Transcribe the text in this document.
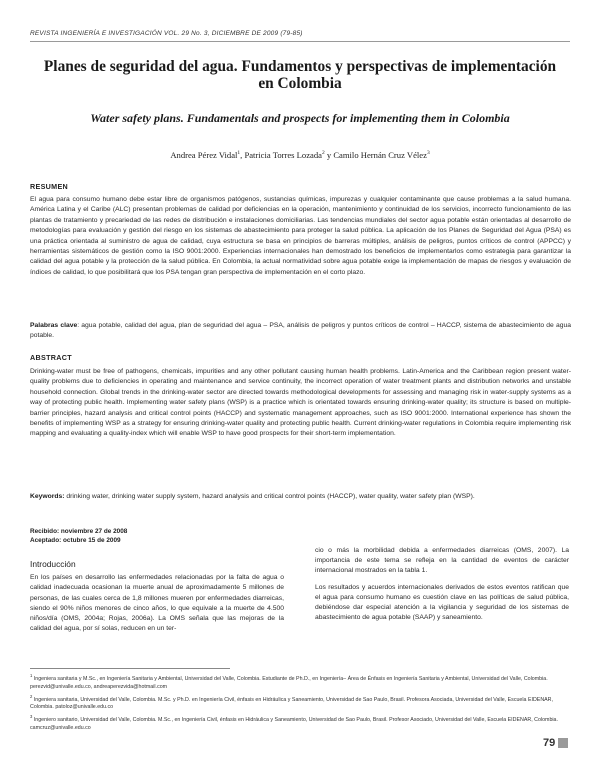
REVISTA INGENIERÍA E INVESTIGACIÓN VOL. 29 No. 3, DICIEMBRE DE 2009 (79-85)
Planes de seguridad del agua. Fundamentos y perspectivas de implementación en Colombia
Water safety plans. Fundamentals and prospects for implementing them in Colombia
Andrea Pérez Vidal$^1$, Patricia Torres Lozada$^2$ y Camilo Hernán Cruz Vélez$^3$
RESUMEN
El agua para consumo humano debe estar libre de organismos patógenos, sustancias químicas, impurezas y cualquier contaminante que cause problemas a la salud humana. América Latina y el Caribe (ALC) presentan problemas de calidad por deficiencias en la operación, mantenimiento y continuidad de los servicios, incorrecto funcionamiento de las plantas de tratamiento y precariedad de las redes de distribución e instalaciones domiciliarias. Las tendencias mundiales del sector agua potable están orientadas al desarrollo de metodologías para evaluación y gestión del riesgo en los sistemas de abastecimiento para proteger la salud pública. La aplicación de los Planes de Seguridad del Agua (PSA) es una práctica orientada al suministro de agua de calidad, cuya estructura se basa en principios de barreras múltiples, análisis de peligros, puntos críticos de control (APPCC) y herramientas sistemáticos de gestión como la ISO 9001:2000. Experiencias internacionales han demostrado los beneficios de implementarlos como estrategia para garantizar la calidad del agua potable y la protección de la salud pública. En Colombia, la actual normatividad sobre agua potable exige la implementación de mapas de riesgos y evaluación de índices de calidad, lo que posibilitará que los PSA tengan gran perspectiva de implementación en el corto plazo.
Palabras clave: agua potable, calidad del agua, plan de seguridad del agua – PSA, análisis de peligros y puntos críticos de control – HACCP, sistema de abastecimiento de agua potable.
ABSTRACT
Drinking-water must be free of pathogens, chemicals, impurities and any other pollutant causing human health problems. Latin-America and the Caribbean region present water-quality problems due to deficiencies in operating and maintenance and service continuity, the incorrect operation of water treatment plants and distribution networks and unstable household connection. Global trends in the drinking-water sector are directed towards methodological developments for assessing and managing risk in water-supply systems as a way of protecting public health. Implementing water safety plans (WSP) is a practice which is orientated towards ensuring drinking-water quality; its structure is based on multiple-barrier principles, hazard analysis and critical control points (HACCP) and systematic management approaches, such as ISO 9001:2000. International experience has shown the benefits of implementing WSP as a strategy for ensuring drinking-water quality and protecting public health. Current drinking-water regulations in Colombia require implementing risk mapping and evaluating a quality-index which will enable WSP to have good prospects for their short-term implementation.
Keywords: drinking water, drinking water supply system, hazard analysis and critical control points (HACCP), water quality, water safety plan (WSP).
Recibido: noviembre 27 de 2008
Aceptado: octubre 15 de 2009
Introducción

En los países en desarrollo las enfermedades relacionadas por la falta de agua o calidad inadecuada ocasionan la muerte anual de aproximadamente 5 millones de personas, de las cuales cerca de 1,8 millones mueren por enfermedades diarreicas, siendo el 90% niños menores de cinco años, lo que equivale a la muerte de 4.500 niños/día (OMS, 2004a; Rojas, 2006a). La OMS señala que las mejoras de la calidad del agua, por sí solas, reducen en un ter-

cio o más la morbilidad debida a enfermedades diarreicas (OMS, 2007). La importancia de este tema se refleja en la cantidad de eventos de carácter internacional mostrados en la tabla 1.

Los resultados y acuerdos internacionales derivados de estos eventos ratifican que el agua para consumo humano es cuestión clave en las políticas de salud pública, debiéndose dar especial atención a la vigilancia y seguridad de los sistemas de abastecimiento de agua potable (SAAP) y saneamiento.

$^1$ Ingeniera sanitaria y M.Sc., en Ingeniería Sanitaria y Ambiental, Universidad del Valle, Colombia. Estudiante de Ph.D., en Ingeniería– Área de Énfasis en Ingeniería Sanitaria y Ambiental, Universidad del Valle, Colombia. perezvid@univalle.edu.co, andreaperezvida@hotmail.com
$^2$ Ingeniera sanitaria, Universidad del Valle, Colombia. M.Sc. y Ph.D. en Ingeniería Civil, énfasis en Hidráulica y Saneamiento, Universidad de Sao Paulo, Brasil. Profesora Asociada, Universidad del Valle, Escuela EIDENAR, Colombia. patoloz@univalle.edu.co
$^3$ Ingeniero sanitario, Universidad del Valle, Colombia. M.Sc., en Ingeniería Civil, énfasis en Hidráulica y Saneamiento, Universidad de Sao Paulo, Brasil. Profesor Asociado, Universidad del Valle, Escuela EIDENAR, Colombia. camcruz@univalle.edu.co
79
